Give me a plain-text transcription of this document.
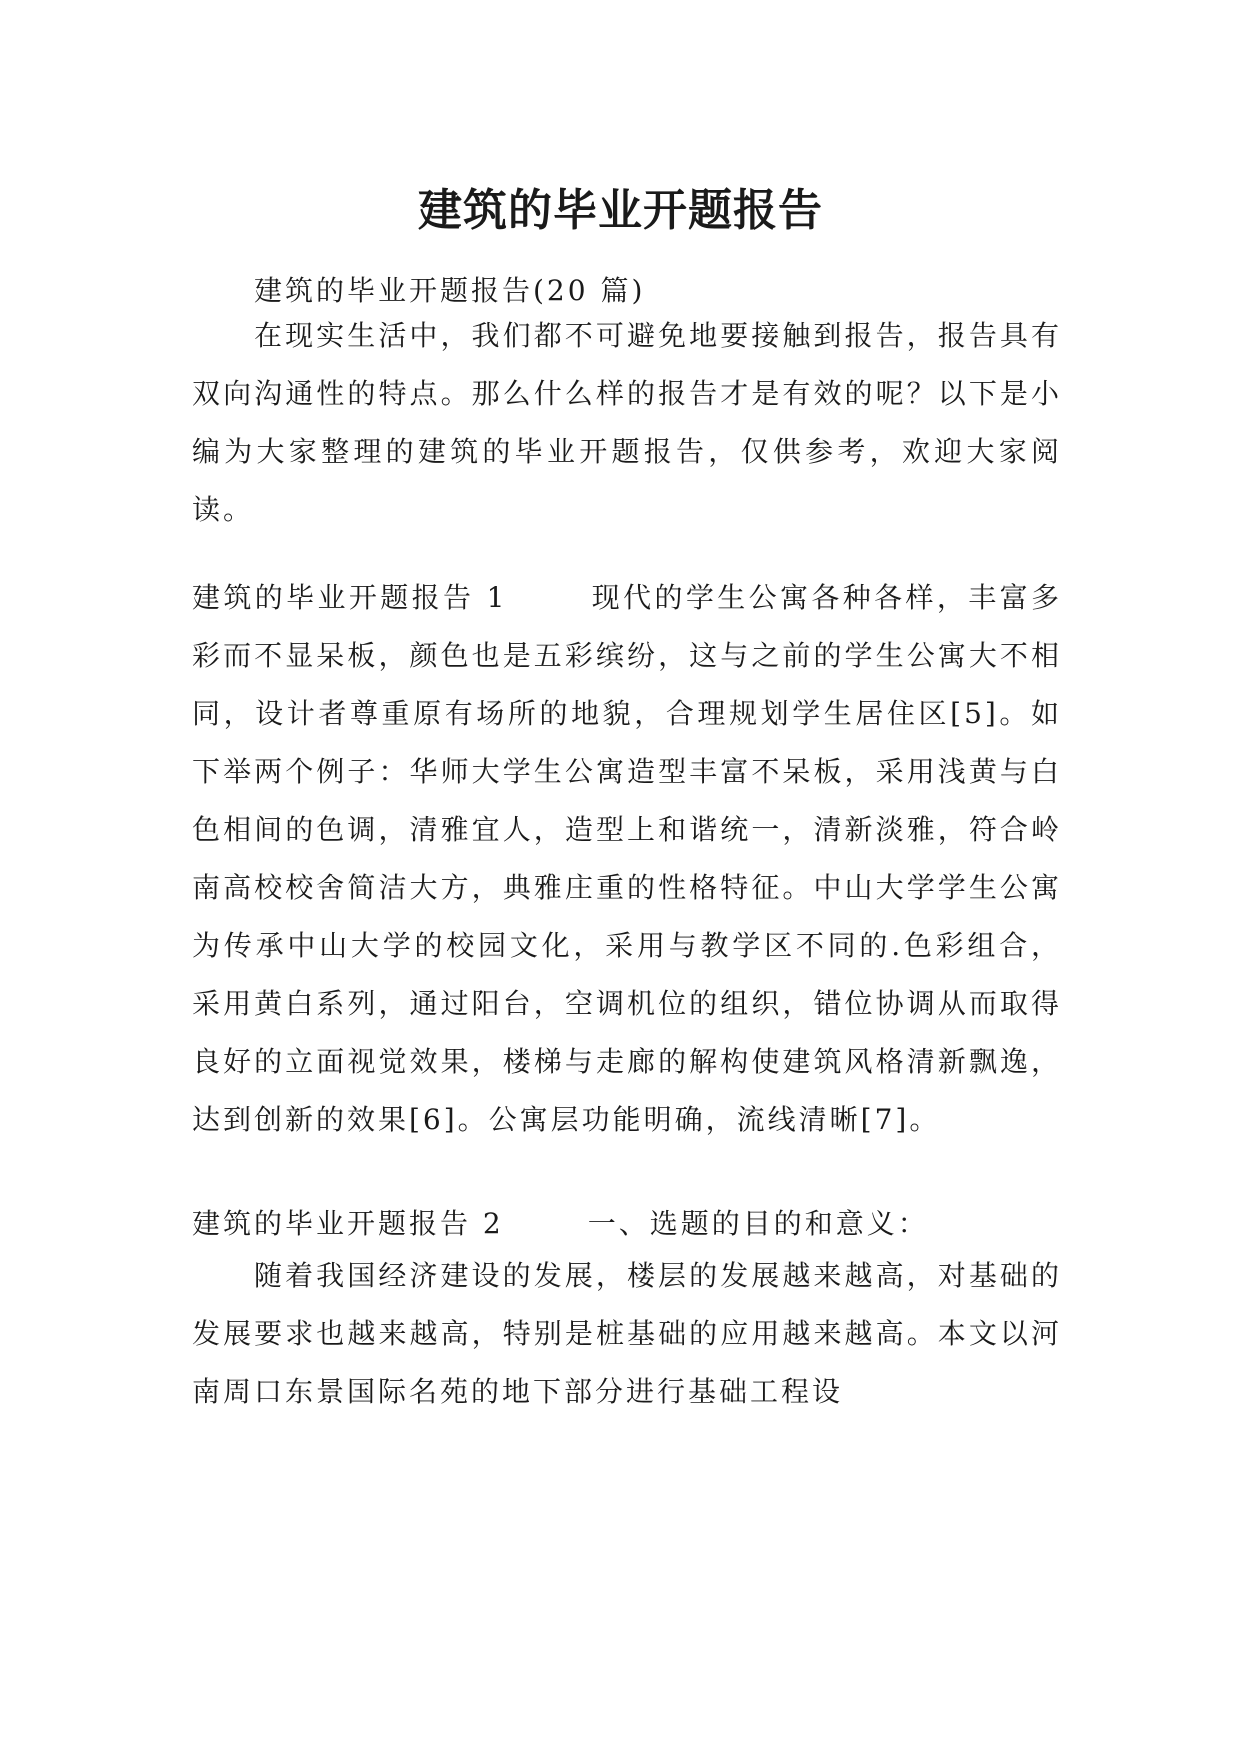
建筑的毕业开题报告

建筑的毕业开题报告(20 篇)

在现实生活中，我们都不可避免地要接触到报告，报告具有双向沟通性的特点。那么什么样的报告才是有效的呢？以下是小编为大家整理的建筑的毕业开题报告，仅供参考，欢迎大家阅读。

建筑的毕业开题报告 1	现代的学生公寓各种各样，丰富多彩而不显呆板，颜色也是五彩缤纷，这与之前的学生公寓大不相同，设计者尊重原有场所的地貌，合理规划学生居住区[5]。如下举两个例子：华师大学生公寓造型丰富不呆板，采用浅黄与白色相间的色调，清雅宜人，造型上和谐统一，清新淡雅，符合岭南高校校舍简洁大方，典雅庄重的性格特征。中山大学学生公寓为传承中山大学的校园文化，采用与教学区不同的.色彩组合，采用黄白系列，通过阳台，空调机位的组织，错位协调从而取得良好的立面视觉效果，楼梯与走廊的解构使建筑风格清新飘逸，达到创新的效果[6]。公寓层功能明确，流线清晰[7]。

建筑的毕业开题报告 2	一、选题的目的和意义：

随着我国经济建设的发展，楼层的发展越来越高，对基础的发展要求也越来越高，特别是桩基础的应用越来越高。本文以河南周口东景国际名苑的地下部分进行基础工程设
